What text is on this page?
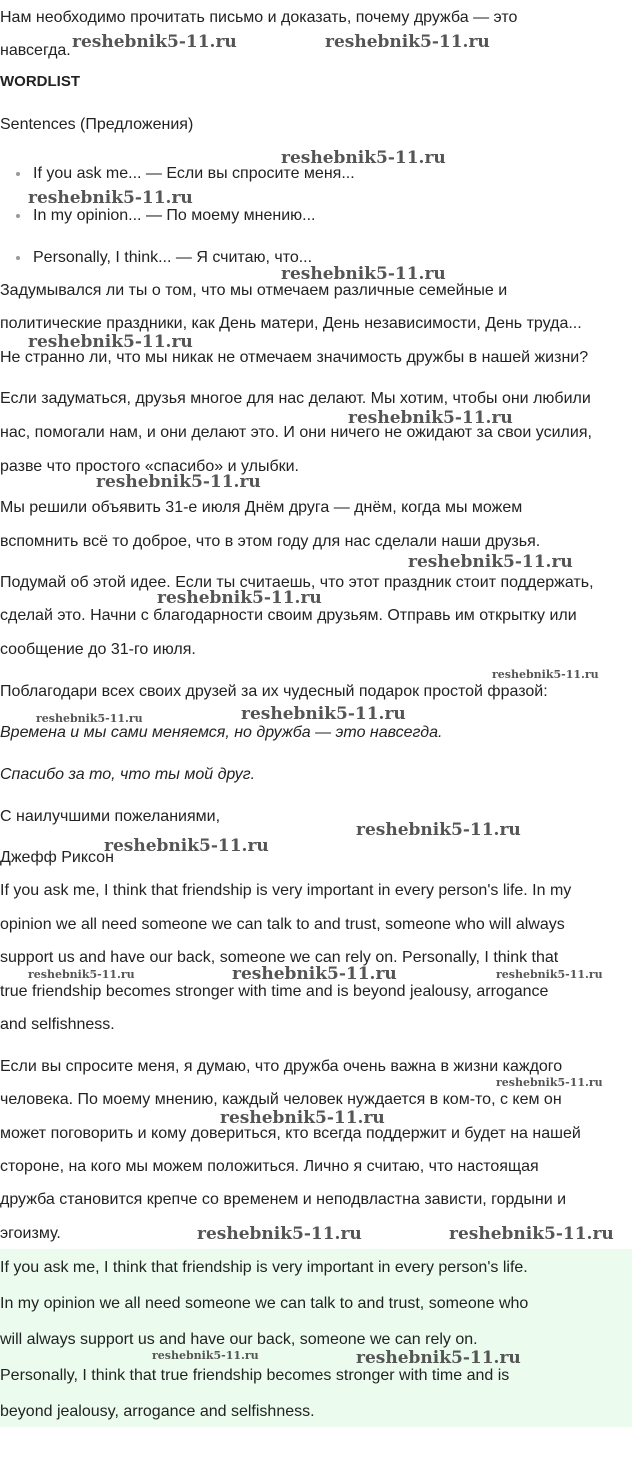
Нам необходимо прочитать письмо и доказать, почему дружба — это
навсегда.
WORDLIST
Sentences (Предложения)
If you ask me... — Если вы спросите меня...
In my opinion... — По моему мнению...
Personally, I think... — Я считаю, что...
Задумывался ли ты о том, что мы отмечаем различные семейные и
политические праздники, как День матери, День независимости, День труда...
Не странно ли, что мы никак не отмечаем значимость дружбы в нашей жизни?
Если задуматься, друзья многое для нас делают. Мы хотим, чтобы они любили
нас, помогали нам, и они делают это. И они ничего не ожидают за свои усилия,
разве что простого «спасибо» и улыбки.
Мы решили объявить 31-е июля Днём друга — днём, когда мы можем
вспомнить всё то доброе, что в этом году для нас сделали наши друзья.
Подумай об этой идее. Если ты считаешь, что этот праздник стоит поддержать,
сделай это. Начни с благодарности своим друзьям. Отправь им открытку или
сообщение до 31-го июля.
Поблагодари всех своих друзей за их чудесный подарок простой фразой:
Времена и мы сами меняемся, но дружба — это навсегда.
Спасибо за то, что ты мой друг.
С наилучшими пожеланиями,
Джефф Риксон
If you ask me, I think that friendship is very important in every person's life. In my
opinion we all need someone we can talk to and trust, someone who will always
support us and have our back, someone we can rely on. Personally, I think that
true friendship becomes stronger with time and is beyond jealousy, arrogance
and selfishness.
Если вы спросите меня, я думаю, что дружба очень важна в жизни каждого
человека. По моему мнению, каждый человек нуждается в ком-то, с кем он
может поговорить и кому довериться, кто всегда поддержит и будет на нашей
стороне, на кого мы можем положиться. Лично я считаю, что настоящая
дружба становится крепче со временем и неподвластна зависти, гордыни и
эгоизму.
If you ask me, I think that friendship is very important in every person's life.
In my opinion we all need someone we can talk to and trust, someone who
will always support us and have our back, someone we can rely on.
Personally, I think that true friendship becomes stronger with time and is
beyond jealousy, arrogance and selfishness.
reshebnik5-11.ru	reshebnik5-11.ru
reshebnik5-11.ru
reshebnik5-11.ru
reshebnik5-11.ru
reshebnik5-11.ru
reshebnik5-11.ru
reshebnik5-11.ru
reshebnik5-11.ru
reshebnik5-11.ru
reshebnik5-11.ru
reshebnik5-11.ru	reshebnik5-11.ru
reshebnik5-11.ru
reshebnik5-11.ru
reshebnik5-11.ru	reshebnik5-11.ru	reshebnik5-11.ru
reshebnik5-11.ru
reshebnik5-11.ru
reshebnik5-11.ru	reshebnik5-11.ru
reshebnik5-11.ru	reshebnik5-11.ru
